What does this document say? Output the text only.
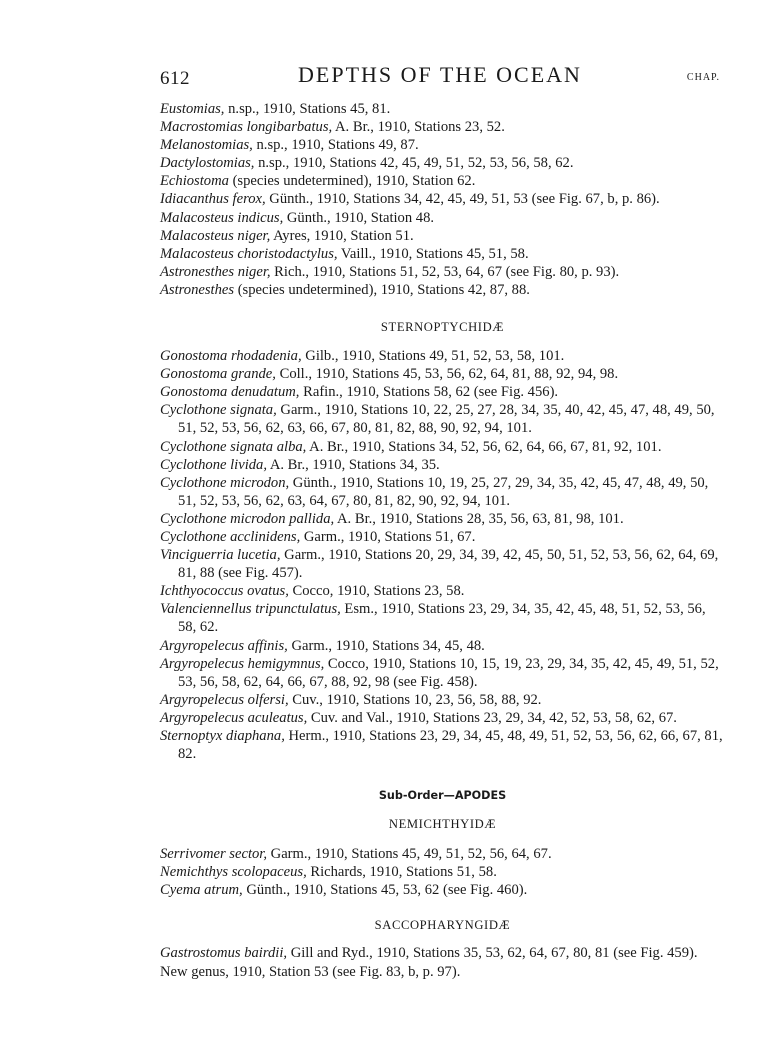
612	DEPTHS OF THE OCEAN	CHAP.

Eustomias, n.sp., 1910, Stations 45, 81.

Macrostomias longibarbatus, A. Br., 1910, Stations 23, 52.

Melanostomias, n.sp., 1910, Stations 49, 87.

Dactylostomias, n.sp., 1910, Stations 42, 45, 49, 51, 52, 53, 56, 58, 62.

Echiostoma (species undetermined), 1910, Station 62.

Idiacanthus ferox, Günth., 1910, Stations 34, 42, 45, 49, 51, 53 (see Fig. 67, b, p. 86).

Malacosteus indicus, Günth., 1910, Station 48.

Malacosteus niger, Ayres, 1910, Station 51.

Malacosteus choristodactylus, Vaill., 1910, Stations 45, 51, 58.

Astronesthes niger, Rich., 1910, Stations 51, 52, 53, 64, 67 (see Fig. 80, p. 93).

Astronesthes (species undetermined), 1910, Stations 42, 87, 88.

STERNOPTYCHIDÆ

Gonostoma rhodadenia, Gilb., 1910, Stations 49, 51, 52, 53, 58, 101.

Gonostoma grande, Coll., 1910, Stations 45, 53, 56, 62, 64, 81, 88, 92, 94, 98.

Gonostoma denudatum, Rafin., 1910, Stations 58, 62 (see Fig. 456).

Cyclothone signata, Garm., 1910, Stations 10, 22, 25, 27, 28, 34, 35, 40, 42, 45, 47, 48, 49, 50, 51, 52, 53, 56, 62, 63, 66, 67, 80, 81, 82, 88, 90, 92, 94, 101.

Cyclothone signata alba, A. Br., 1910, Stations 34, 52, 56, 62, 64, 66, 67, 81, 92, 101.

Cyclothone livida, A. Br., 1910, Stations 34, 35.

Cyclothone microdon, Günth., 1910, Stations 10, 19, 25, 27, 29, 34, 35, 42, 45, 47, 48, 49, 50, 51, 52, 53, 56, 62, 63, 64, 67, 80, 81, 82, 90, 92, 94, 101.

Cyclothone microdon pallida, A. Br., 1910, Stations 28, 35, 56, 63, 81, 98, 101.

Cyclothone acclinidens, Garm., 1910, Stations 51, 67.

Vinciguerria lucetia, Garm., 1910, Stations 20, 29, 34, 39, 42, 45, 50, 51, 52, 53, 56, 62, 64, 69, 81, 88 (see Fig. 457).

Ichthyococcus ovatus, Cocco, 1910, Stations 23, 58.

Valenciennellus tripunctulatus, Esm., 1910, Stations 23, 29, 34, 35, 42, 45, 48, 51, 52, 53, 56, 58, 62.

Argyropelecus affinis, Garm., 1910, Stations 34, 45, 48.

Argyropelecus hemigymnus, Cocco, 1910, Stations 10, 15, 19, 23, 29, 34, 35, 42, 45, 49, 51, 52, 53, 56, 58, 62, 64, 66, 67, 88, 92, 98 (see Fig. 458).

Argyropelecus olfersi, Cuv., 1910, Stations 10, 23, 56, 58, 88, 92.

Argyropelecus aculeatus, Cuv. and Val., 1910, Stations 23, 29, 34, 42, 52, 53, 58, 62, 67.

Sternoptyx diaphana, Herm., 1910, Stations 23, 29, 34, 45, 48, 49, 51, 52, 53, 56, 62, 66, 67, 81, 82.

Sub-Order—APODES
NEMICHTHYIDÆ

Serrivomer sector, Garm., 1910, Stations 45, 49, 51, 52, 56, 64, 67.

Nemichthys scolopaceus, Richards, 1910, Stations 51, 58.

Cyema atrum, Günth., 1910, Stations 45, 53, 62 (see Fig. 460).

SACCOPHARYNGIDÆ

Gastrostomus bairdii, Gill and Ryd., 1910, Stations 35, 53, 62, 64, 67, 80, 81 (see Fig. 459).

New genus, 1910, Station 53 (see Fig. 83, b, p. 97).
